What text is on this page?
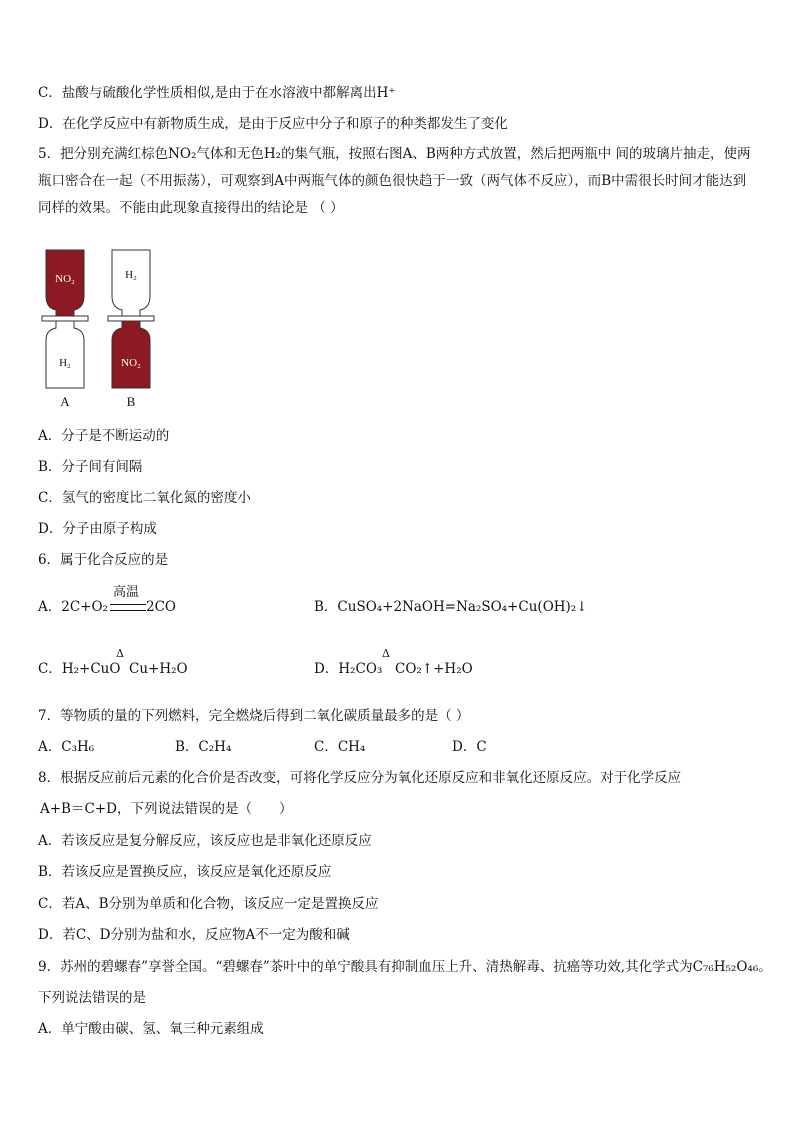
C．盐酸与硫酸化学性质相似,是由于在水溶液中都解离出H⁺
D．在化学反应中有新物质生成，是由于反应中分子和原子的种类都发生了变化
5．把分别充满红棕色NO₂气体和无色H₂的集气瓶，按照右图A、B两种方式放置，然后把两瓶中 间的玻璃片抽走，使两瓶口密合在一起（不用振荡），可观察到A中两瓶气体的颜色很快趋于一致（两气体不反应），而B中需很长时间才能达到同样的效果。不能由此现象直接得出的结论是 （ ）
NO₂
H₂
H₂
NO₂
A	B
A．分子是不断运动的
B．分子间有间隔
C．氢气的密度比二氧化氮的密度小
D．分子由原子构成
6．属于化合反应的是
A．2C+O₂
高温
2CO	B．CuSO₄+2NaOH=Na₂SO₄+Cu(OH)₂↓
C．H₂+CuO
Δ
Cu+H₂O	D．H₂CO₃
Δ
CO₂↑+H₂O
7．等物质的量的下列燃料，完全燃烧后得到二氧化碳质量最多的是（ ）
A．C₃H₆	B．C₂H₄	C．CH₄	D．C
8．根据反应前后元素的化合价是否改变，可将化学反应分为氧化还原反应和非氧化还原反应。对于化学反应
A+B＝C+D，下列说法错误的是（　　）
A．若该反应是复分解反应，该反应也是非氧化还原反应
B．若该反应是置换反应，该反应是氧化还原反应
C．若A、B分别为单质和化合物，该反应一定是置换反应
D．若C、D分别为盐和水，反应物A不一定为酸和碱
9．苏州的碧螺春”享誉全国。“碧螺春”茶叶中的单宁酸具有抑制血压上升、清热解毒、抗癌等功效,其化学式为C₇₆H₅₂O₄₆。
下列说法错误的是
A．单宁酸由碳、氢、氧三种元素组成
